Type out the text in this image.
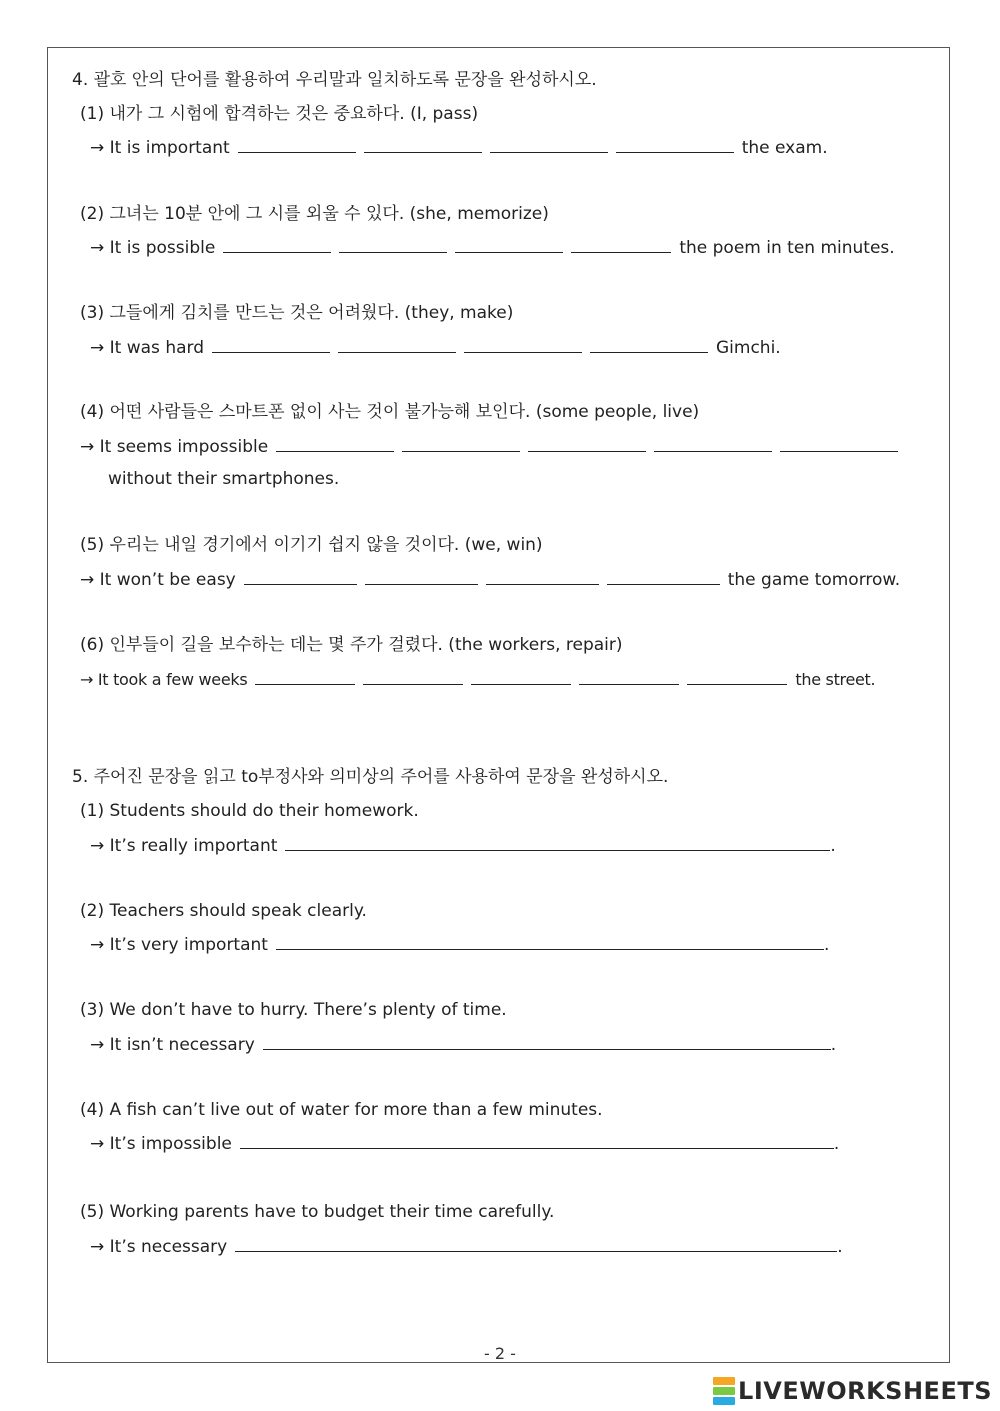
4. 괄호 안의 단어를 활용하여 우리말과 일치하도록 문장을 완성하시오.
(1) 내가 그 시험에 합격하는 것은 중요하다. (I, pass)
→ It is important	the exam.
(2) 그녀는 10분 안에 그 시를 외울 수 있다. (she, memorize)
→ It is possible	the poem in ten minutes.
(3) 그들에게 김치를 만드는 것은 어려웠다. (they, make)
→ It was hard	Gimchi.
(4) 어떤 사람들은 스마트폰 없이 사는 것이 불가능해 보인다. (some people, live)
→ It seems impossible
without their smartphones.
(5) 우리는 내일 경기에서 이기기 쉽지 않을 것이다. (we, win)
→ It won’t be easy	the game tomorrow.
(6) 인부들이 길을 보수하는 데는 몇 주가 걸렸다. (the workers, repair)
→ It took a few weeks	the street.
5. 주어진 문장을 읽고 to부정사와 의미상의 주어를 사용하여 문장을 완성하시오.
(1) Students should do their homework.
→ It’s really important	.
(2) Teachers should speak clearly.
→ It’s very important	.
(3) We don’t have to hurry. There’s plenty of time.
→ It isn’t necessary	.
(4) A fish can’t live out of water for more than a few minutes.
→ It’s impossible	.
(5) Working parents have to budget their time carefully.
→ It’s necessary	.
- 2 -
LIVEWORKSHEETS
